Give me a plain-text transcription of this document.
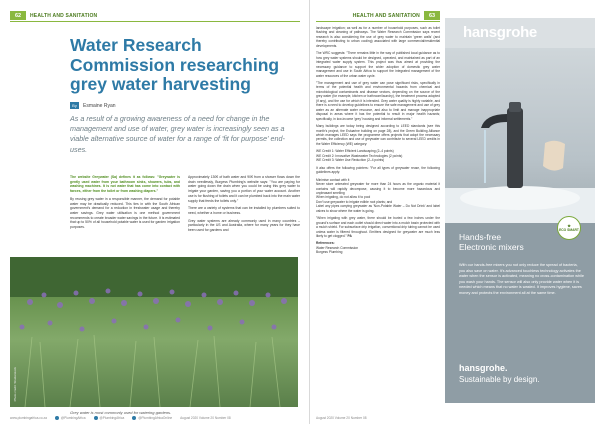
62	HEALTH AND SANITATION
Water Research Commission researching grey water harvesting
By	Esmaine Ryan

As a result of a growing awareness of a need for change in the management and use of water, grey water is increasingly seen as a viable alternative source of water for a range of 'fit for purpose' end-uses.

The website Greywater (Sa) defines it as follows: "Greywater is gently used water from your bathroom sinks, showers, tubs, and washing machines. It is not water that has come into contact with faeces, either from the toilet or from washing diapers."

By reusing grey water in a responsible manner, the demand for potable water may be drastically reduced. This ties in with the South African government's demand for a reduction in freshwater usage and thereby water savings. Grey water utilisation is one method government recommends to create broader water savings in the future. It is estimated that up to 50% of all household potable water is used for garden irrigation purposes.

Approximately 130€ of bath water and 90€ from a shower flows down the drain needlessly, Burgess Plumbing's website says: "You are paying for water going down the drain when you could be using this grey water to irrigate your garden, saving you a portion of your water account. Another use is for flushing of toilets and it can be plumbed back into the main water supply that feeds the toilets only."

There are a variety of systems that can be installed by plumbers suited to need, whether a home or business.

Grey water systems are already commonly used in many countries – particularly in the US and Australia, where for many years for they have been used for gardens and

Photo credit: Shutterstock
Grey water is most commonly used for watering gardens.
www.plumbingafrica.co.za	@PlumbingAfrica	@PlumbingAfrica	@PlumbingAfricaOnline	August 2020 Volume 20 Number 08
HEALTH AND SANITATION	63

landscape irrigation; as well as for a number of household purposes, such as toilet flushing and cleaning of pathways. The Water Research Commission says recent research is also considering the use of grey water to maintain 'green walls' (and thereby contributing to urban cooling) associated with large commercial/residential developments.

The WRC suggests: "There remains little in the way of published local guidance as to how grey water systems should be designed, operated, and maintained as part of an integrated water supply system. This project was thus aimed at providing the necessary guidance to support the wider adoption of domestic grey water management and use in South Africa to support the integrated management of the water resources of the urban water cycle.

"The management and use of grey water can pose significant risks, specifically in terms of the potential health and environmental hazards from chemical and microbiological contaminants and disease vectors, depending on the source of the grey water (for example, kitchen or bathroom/laundry), the treatment process adopted (if any), and the use for which it is intended. Grey water quality is highly variable, and there is a need to develop guidelines to ensure the safe management and use of grey water as an alternate water resource, and also to limit and manage inappropriate disposal in areas where it has the potential to result in major health hazards; specifically, in low-income 'grey' housing and informal settlements."

Many buildings are today being designed according to LEED standards (see this month's project, the Estuarine building on page 28), and the Green Building Alliance which manages LEED says the programme offers projects that adopt the necessary permits, the collection and use of greywater can contribute to several LEED credits in the Water Efficiency (WE) category:

WE Credit 1: Water Efficient Landscaping (2–4 points)
WE Credit 2: Innovative Wastewater Technologies (2 points)
WE Credit 3: Water Use Reduction (2–4 points)

It also offers the following pointers: "For all types of greywater reuse, the following guidelines apply:

Minimise contact with it
Never store untreated greywater for more than 24 hours as the organic material it contains will rapidly decompose, causing it to become more hazardous and unpleasant smelling
When irrigating, do not allow it to pool
Don't use greywater to irrigate edible root plants; and
Label any pipes carrying greywater as 'Non-Potable Water – Do Not Drink' and label valves to show where the water is going.

"When irrigating with grey water, there should be buried a few inches under the ground's surface and each outlet should direct water into a mulch basin protected with a mulch shield. For subsurface drip irrigation, conventional drip tubing cannot be used unless water is filtered throughout. Emitters designed for greywater are much less likely to get clogged." PA

References:
Water Research Commission
Burgess Plumbing

August 2020 Volume 20 Number 08
hansgrohe
❀
ECO SMART
Hands-free
Electronic mixers
With our hands-free mixers you not only reduce the spread of bacteria, you also save on water. It's advanced touchless technology activates the water when the sensor is activated, meaning no cross-contamination while you wash your hands. The sensor will also only provide water when it is needed which means that no water is wasted. It improves hygiene, saves money and protects the environment all at the same time.
hansgrohe.
Sustainable by design.
